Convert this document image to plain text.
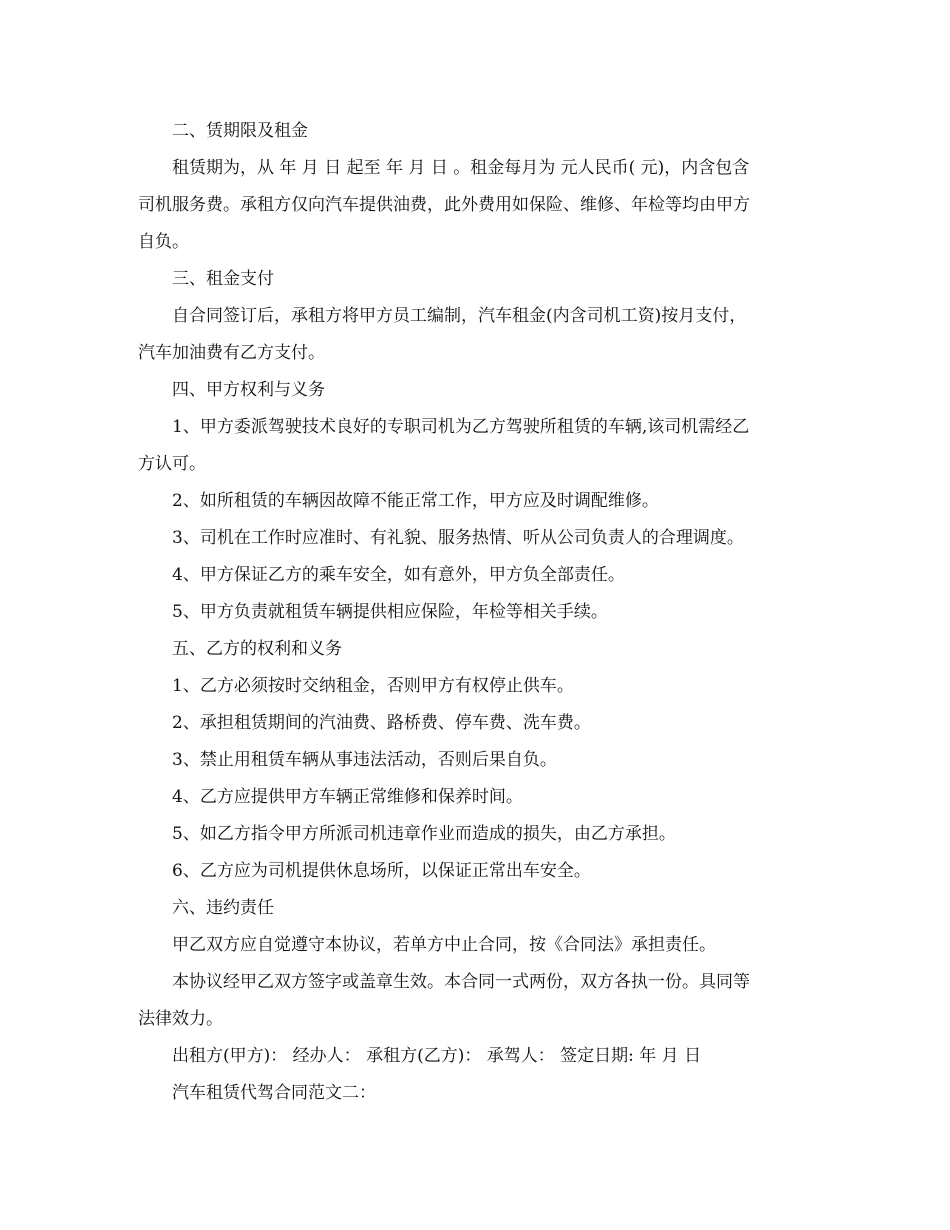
二、赁期限及租金
租赁期为，从 年 月 日 起至 年 月 日 。租金每月为 元人民币( 元)，内含包含
司机服务费。承租方仅向汽车提供油费，此外费用如保险、维修、年检等均由甲方
自负。
三、租金支付
自合同签订后，承租方将甲方员工编制，汽车租金(内含司机工资)按月支付，
汽车加油费有乙方支付。
四、甲方权利与义务
1、甲方委派驾驶技术良好的专职司机为乙方驾驶所租赁的车辆,该司机需经乙
方认可。
2、如所租赁的车辆因故障不能正常工作，甲方应及时调配维修。
3、司机在工作时应准时、有礼貌、服务热情、听从公司负责人的合理调度。
4、甲方保证乙方的乘车安全，如有意外，甲方负全部责任。
5、甲方负责就租赁车辆提供相应保险，年检等相关手续。
五、乙方的权利和义务
1、乙方必须按时交纳租金，否则甲方有权停止供车。
2、承担租赁期间的汽油费、路桥费、停车费、洗车费。
3、禁止用租赁车辆从事违法活动，否则后果自负。
4、乙方应提供甲方车辆正常维修和保养时间。
5、如乙方指令甲方所派司机违章作业而造成的损失，由乙方承担。
6、乙方应为司机提供休息场所，以保证正常出车安全。
六、违约责任
甲乙双方应自觉遵守本协议，若单方中止合同，按《合同法》承担责任。
本协议经甲乙双方签字或盖章生效。本合同一式两份，双方各执一份。具同等
法律效力。
出租方(甲方)： 经办人： 承租方(乙方)： 承驾人： 签定日期: 年 月 日
汽车租赁代驾合同范文二：
